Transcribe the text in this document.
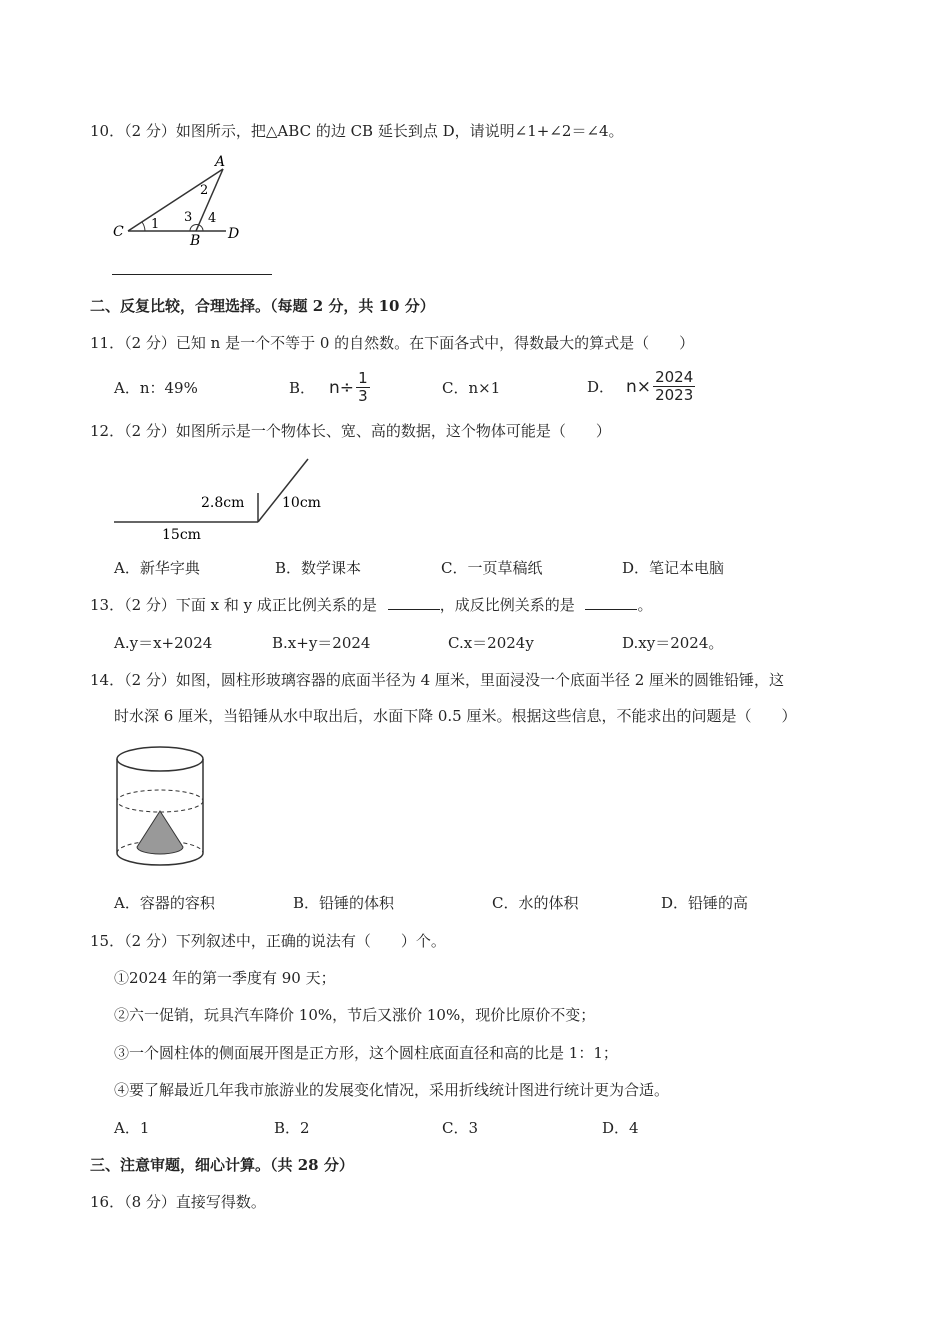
10．（2 分）如图所示，把△ABC 的边 CB 延长到点 D，请说明∠1+∠2＝∠4。
A
B
C	D
1
2
3 4
二、反复比较，合理选择。（每题 2 分，共 10 分）
11．（2 分）已知 n 是一个不等于 0 的自然数。在下面各式中，得数最大的算式是（　　）
A．n：49%	B． $n\div \frac{1}{3}$	C．n×1	D． $n\times \frac{2024}{2023}$
12．（2 分）如图所示是一个物体长、宽、高的数据，这个物体可能是（　　）
2.8cm	10cm
15cm
A．新华字典	B．数学课本	C．一页草稿纸	D．笔记本电脑
13．（2 分）下面 x 和 y 成正比例关系的是	，成反比例关系的是	。
A.y＝x+2024	B.x+y＝2024	C.x＝2024y	D.xy＝2024。
14．（2 分）如图，圆柱形玻璃容器的底面半径为 4 厘米，里面浸没一个底面半径 2 厘米的圆锥铅锤，这
时水深 6 厘米，当铅锤从水中取出后，水面下降 0.5 厘米。根据这些信息，不能求出的问题是（　　）
A．容器的容积	B．铅锤的体积	C．水的体积	D．铅锤的高
15．（2 分）下列叙述中，正确的说法有（　　）个。
①2024 年的第一季度有 90 天；
②六一促销，玩具汽车降价 10%，节后又涨价 10%，现价比原价不变；
③一个圆柱体的侧面展开图是正方形，这个圆柱底面直径和高的比是 1：1；
④要了解最近几年我市旅游业的发展变化情况，采用折线统计图进行统计更为合适。
A．1	B．2	C．3	D．4
三、注意审题，细心计算。（共 28 分）
16．（8 分）直接写得数。
